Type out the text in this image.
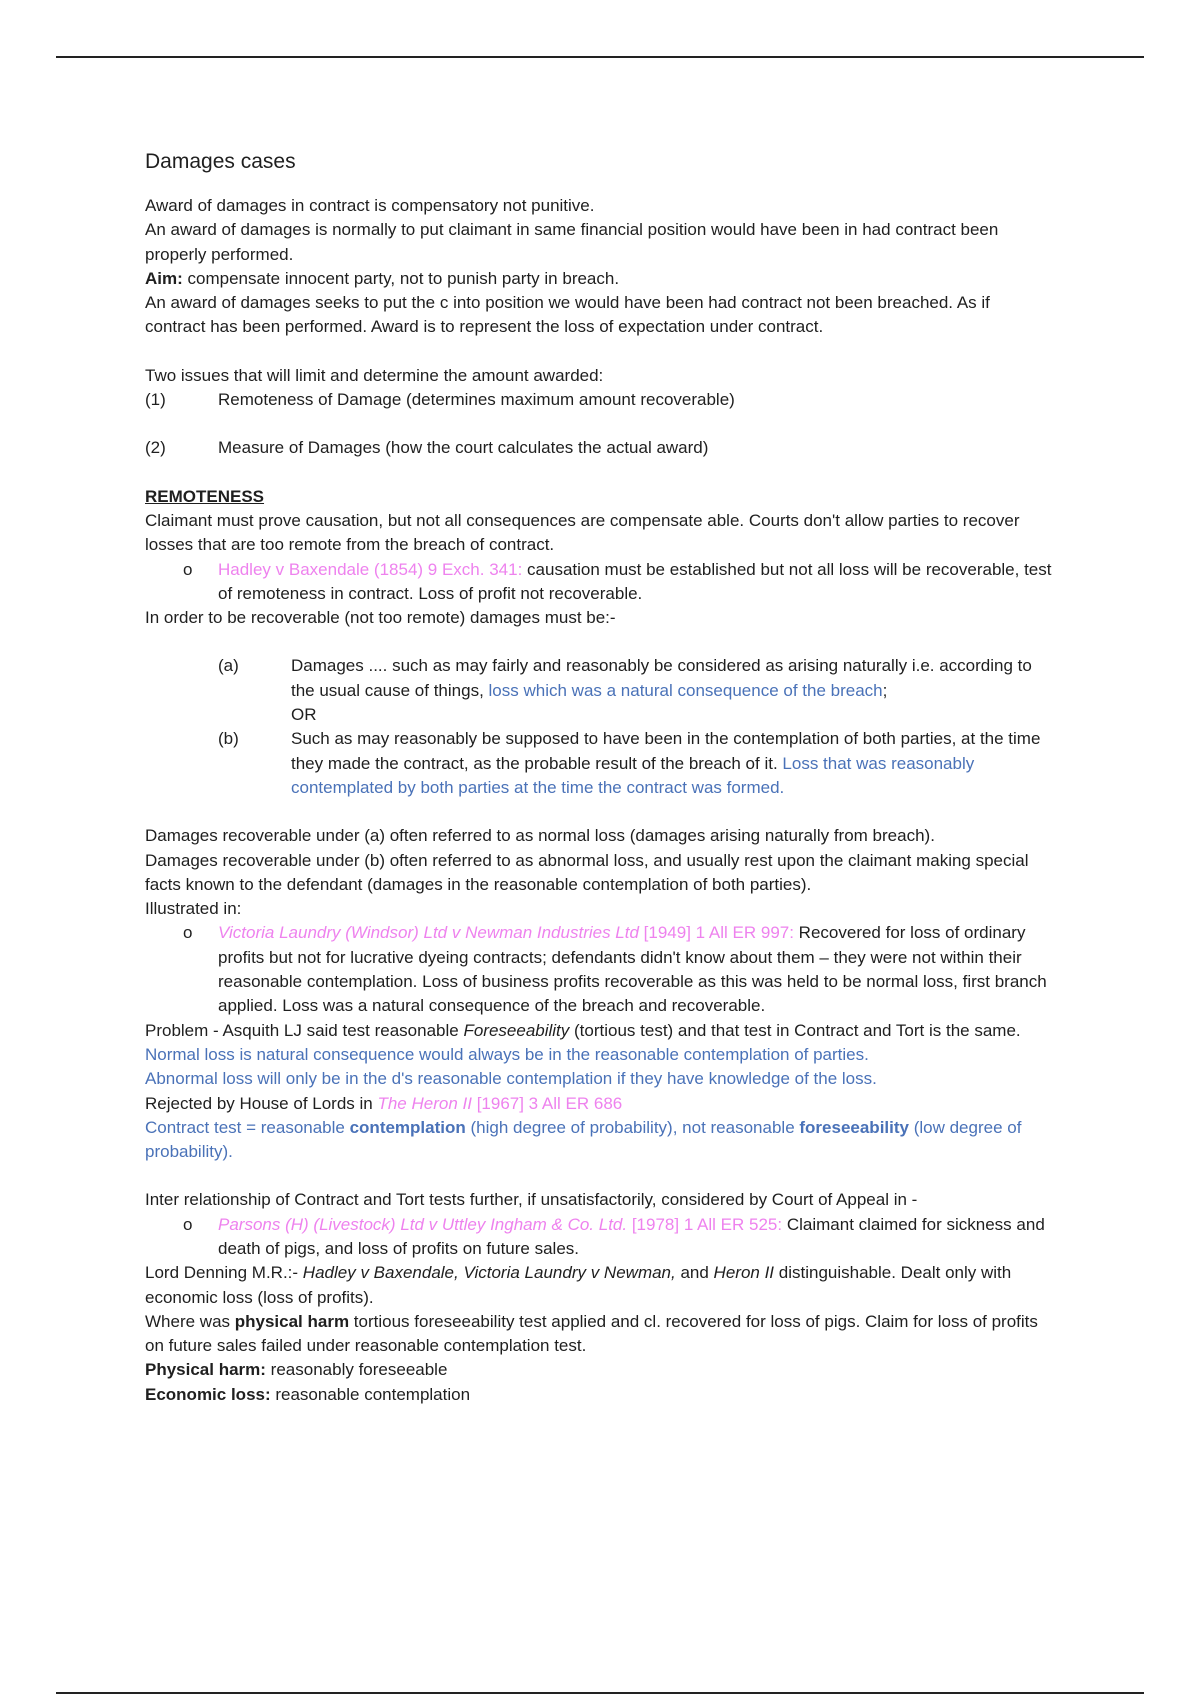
Damages cases

Award of damages in contract is compensatory not punitive.

An award of damages is normally to put claimant in same financial position would have been in had contract been properly performed.

Aim: compensate innocent party, not to punish party in breach.

An award of damages seeks to put the c into position we would have been had contract not been breached. As if contract has been performed. Award is to represent the loss of expectation under contract.

Two issues that will limit and determine the amount awarded:

(1)	Remoteness of Damage (determines maximum amount recoverable)
(2)	Measure of Damages (how the court calculates the actual award)

REMOTENESS

Claimant must prove causation, but not all consequences are compensate able. Courts don't allow parties to recover losses that are too remote from the breach of contract.

o	Hadley v Baxendale (1854) 9 Exch. 341: causation must be established but not all loss will be recoverable, test of remoteness in contract. Loss of profit not recoverable.

In order to be recoverable (not too remote) damages must be:-

(a)	Damages .... such as may fairly and reasonably be considered as arising naturally i.e. according to the usual cause of things, loss which was a natural consequence of the breach;
OR
(b)	Such as may reasonably be supposed to have been in the contemplation of both parties, at the time they made the contract, as the probable result of the breach of it. Loss that was reasonably contemplated by both parties at the time the contract was formed.

Damages recoverable under (a) often referred to as normal loss (damages arising naturally from breach).

Damages recoverable under (b) often referred to as abnormal loss, and usually rest upon the claimant making special facts known to the defendant (damages in the reasonable contemplation of both parties).

Illustrated in:

o	Victoria Laundry (Windsor) Ltd v Newman Industries Ltd [1949] 1 All ER 997: Recovered for loss of ordinary profits but not for lucrative dyeing contracts; defendants didn't know about them – they were not within their reasonable contemplation. Loss of business profits recoverable as this was held to be normal loss, first branch applied. Loss was a natural consequence of the breach and recoverable.

Problem - Asquith LJ said test reasonable Foreseeability (tortious test) and that test in Contract and Tort is the same.

Normal loss is natural consequence would always be in the reasonable contemplation of parties.

Abnormal loss will only be in the d's reasonable contemplation if they have knowledge of the loss.

Rejected by House of Lords in The Heron II [1967] 3 All ER 686

Contract test = reasonable contemplation (high degree of probability), not reasonable foreseeability (low degree of probability).

Inter relationship of Contract and Tort tests further, if unsatisfactorily, considered by Court of Appeal in -

o	Parsons (H) (Livestock) Ltd v Uttley Ingham & Co. Ltd. [1978] 1 All ER 525: Claimant claimed for sickness and death of pigs, and loss of profits on future sales.

Lord Denning M.R.:- Hadley v Baxendale, Victoria Laundry v Newman, and Heron II distinguishable. Dealt only with economic loss (loss of profits).

Where was physical harm tortious foreseeability test applied and cl. recovered for loss of pigs. Claim for loss of profits on future sales failed under reasonable contemplation test.

Physical harm: reasonably foreseeable

Economic loss: reasonable contemplation
